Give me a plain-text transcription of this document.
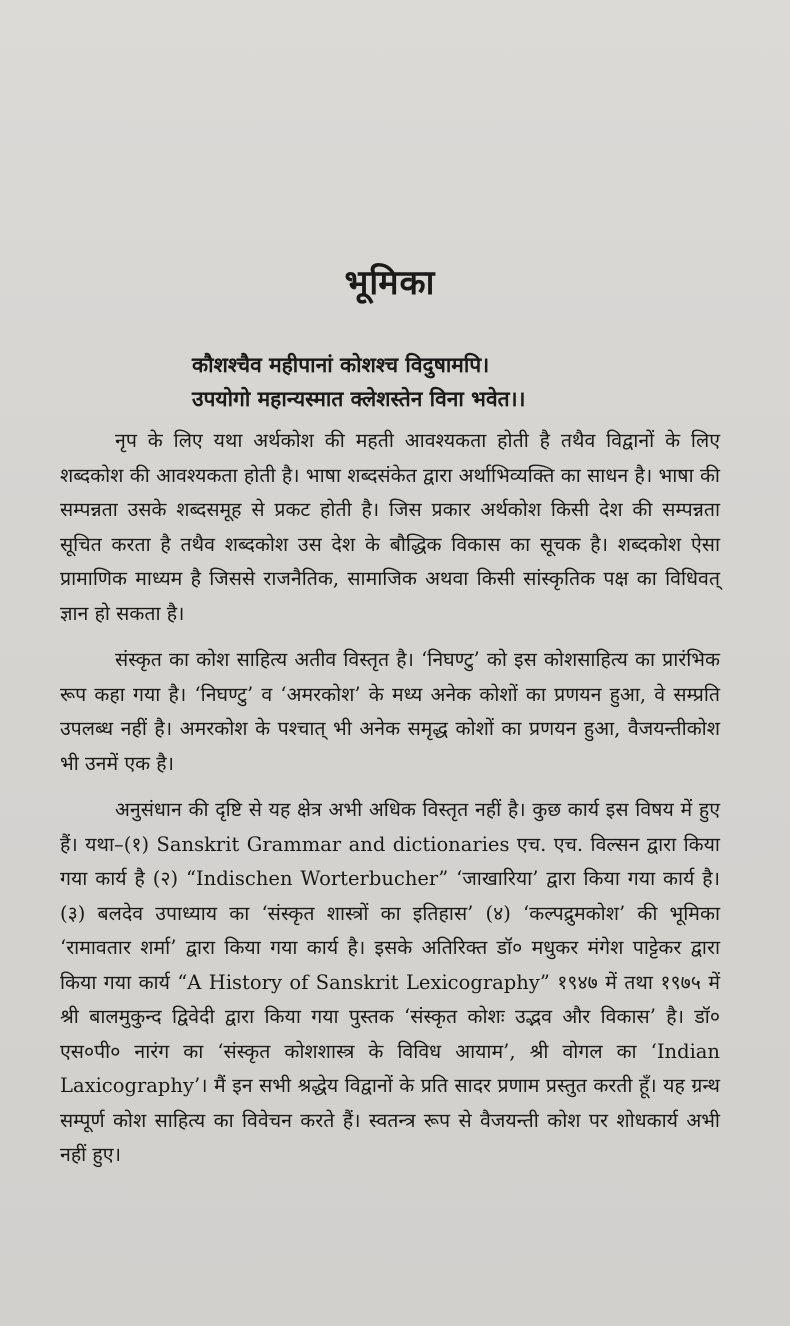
भूमिका
कौशश्चैव महीपानां कोशश्च विदुषामपि।
उपयोगो महान्यस्मात क्लेशस्तेन विना भवेत।।

नृप के लिए यथा अर्थकोश की महती आवश्यकता होती है तथैव विद्वानों के लिए शब्दकोश की आवश्यकता होती है। भाषा शब्दसंकेत द्वारा अर्थाभिव्यक्ति का साधन है। भाषा की सम्पन्नता उसके शब्दसमूह से प्रकट होती है। जिस प्रकार अर्थकोश किसी देश की सम्पन्नता सूचित करता है तथैव शब्दकोश उस देश के बौद्धिक विकास का सूचक है। शब्दकोश ऐसा प्रामाणिक माध्यम है जिससे राजनैतिक, सामाजिक अथवा किसी सांस्कृतिक पक्ष का विधिवत् ज्ञान हो सकता है।

संस्कृत का कोश साहित्य अतीव विस्तृत है। ‘निघण्टु’ को इस कोशसाहित्य का प्रारंभिक रूप कहा गया है। ‘निघण्टु’ व ‘अमरकोश’ के मध्य अनेक कोशों का प्रणयन हुआ, वे सम्प्रति उपलब्ध नहीं है। अमरकोश के पश्चात् भी अनेक समृद्ध कोशों का प्रणयन हुआ, वैजयन्तीकोश भी उनमें एक है।

अनुसंधान की दृष्टि से यह क्षेत्र अभी अधिक विस्तृत नहीं है। कुछ कार्य इस विषय में हुए हैं। यथा–(१) Sanskrit Grammar and dictionaries एच. एच. विल्सन द्वारा किया गया कार्य है (२) “Indischen Worterbucher” ‘जाखारिया’ द्वारा किया गया कार्य है। (३) बलदेव उपाध्याय का ‘संस्कृत शास्त्रों का इतिहास’ (४) ‘कल्पद्रुमकोश’ की भूमिका ‘रामावतार शर्मा’ द्वारा किया गया कार्य है। इसके अतिरिक्त डॉ० मधुकर मंगेश पाट्टेकर द्वारा किया गया कार्य “A History of Sanskrit Lexicography” १९४७ में तथा १९७५ में श्री बालमुकुन्द द्विवेदी द्वारा किया गया पुस्तक ‘संस्कृत कोशः उद्भव और विकास’ है। डॉ० एस०पी० नारंग का ‘संस्कृत कोशशास्त्र के विविध आयाम’, श्री वोगल का ‘Indian Laxicography’। मैं इन सभी श्रद्धेय विद्वानों के प्रति सादर प्रणाम प्रस्तुत करती हूँ। यह ग्रन्थ सम्पूर्ण कोश साहित्य का विवेचन करते हैं। स्वतन्त्र रूप से वैजयन्ती कोश पर शोधकार्य अभी नहीं हुए।
